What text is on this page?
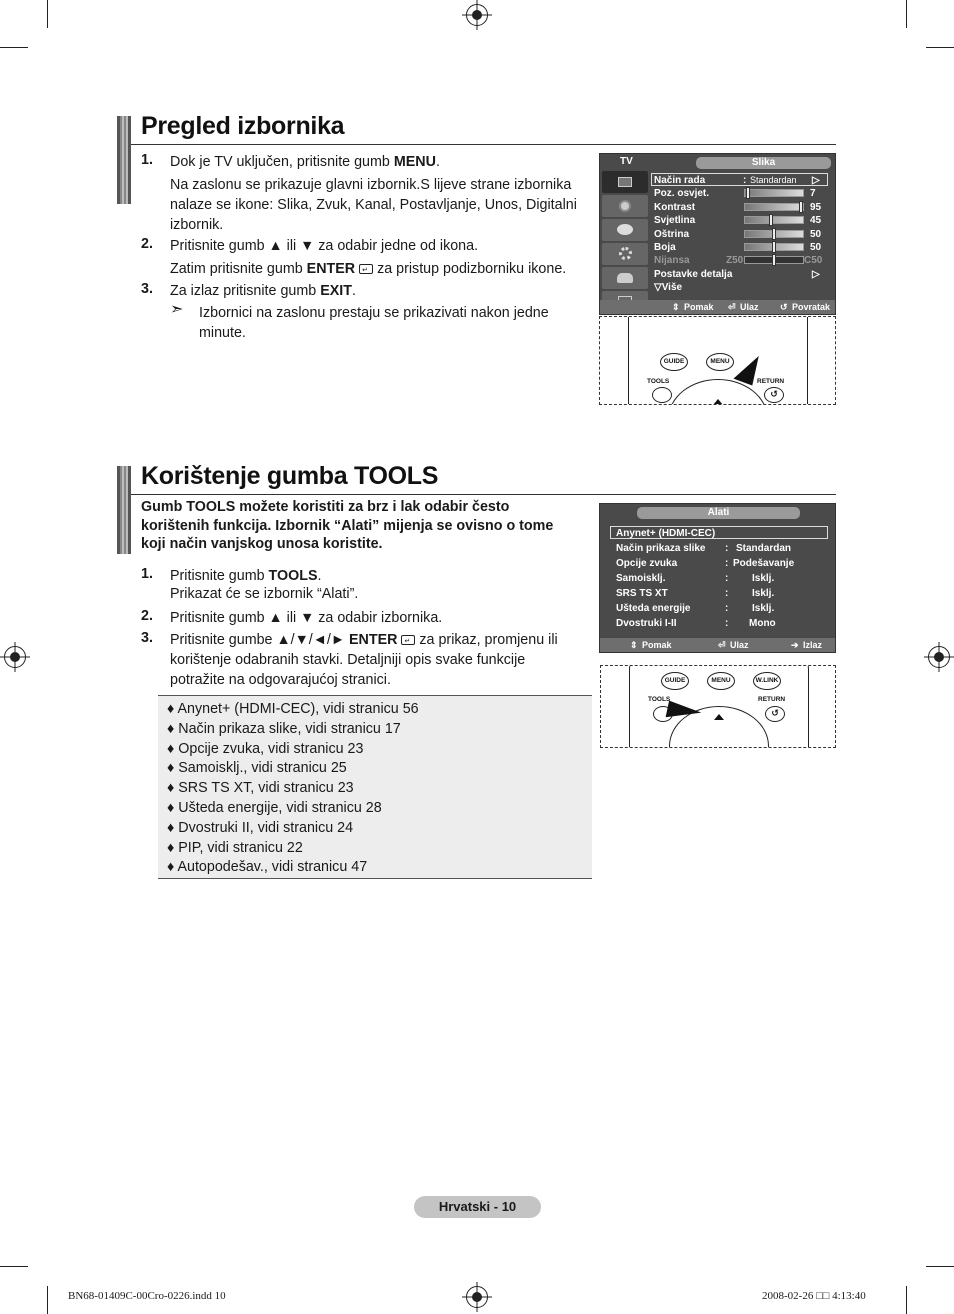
Pregled izbornika
1. Dok je TV uključen, pritisnite gumb MENU.
Na zaslonu se prikazuje glavni izbornik.S lijeve strane izbornika nalaze se ikone: Slika, Zvuk, Kanal, Postavljanje, Unos, Digitalni izbornik.
2. Pritisnite gumb ▲ ili ▼ za odabir jedne od ikona.
Zatim pritisnite gumb ENTER ↵ za pristup podizborniku ikone.
3. Za izlaz pritisnite gumb EXIT.
➣ Izbornici na zaslonu prestaju se prikazivati nakon jedne minute.
TV	Slika
Način rada	: Standardan ▷
Poz. osvjet.	7
Kontrast	95
Svjetlina	45
Oštrina	50
Boja	50
Nijansa	Z50	C50
Postavke detalja	▷
▽Više
⇕ Pomak ⏎ Ulaz ↺ Povratak
GUIDE	MENU
TOOLS	RETURN
↺
Korištenje gumba TOOLS
Gumb TOOLS možete koristiti za brz i lak odabir često korištenih funkcija. Izbornik “Alati” mijenja se ovisno o tome koji način vanjskog unosa koristite.
1. Pritisnite gumb TOOLS.
Prikazat će se izbornik “Alati”.
2. Pritisnite gumb ▲ ili ▼ za odabir izbornika.
3. Pritisnite gumbe ▲/▼/◄/► ENTER ↵ za prikaz, promjenu ili korištenje odabranih stavki. Detaljniji opis svake funkcije potražite na odgovarajućoj stranici.
♦ Anynet+ (HDMI-CEC), vidi stranicu 56
♦ Način prikaza slike, vidi stranicu 17
♦ Opcije zvuka, vidi stranicu 23
♦ Samoisklj., vidi stranicu 25
♦ SRS TS XT, vidi stranicu 23
♦ Ušteda energije, vidi stranicu 28
♦ Dvostruki II, vidi stranicu 24
♦ PIP, vidi stranicu 22
♦ Autopodešav., vidi stranicu 47
Alati
Anynet+ (HDMI-CEC)
Način prikaza slike : Standardan
Opcije zvuka	: Podešavanje
Samoisklj.	: Isklj.
SRS TS XT	: Isklj.
Ušteda energije	: Isklj.
Dvostruki I-II	: Mono
⇕ Pomak	⏎ Ulaz	➔ Izlaz
GUIDE	MENU	W.LINK
TOOLS	RETURN
↺
Hrvatski - 10
BN68-01409C-00Cro-0226.indd 10	2008-02-26 □□ 4:13:40
